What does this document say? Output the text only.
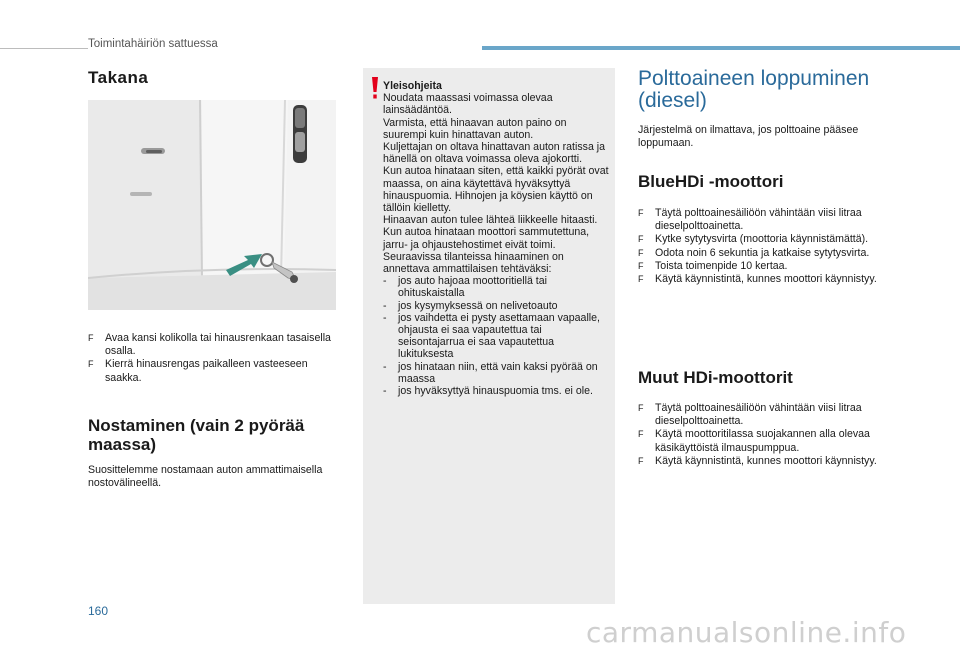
Toimintahäiriön sattuessa
Takana
F Avaa kansi kolikolla tai hinausrenkaan tasaisella osalla.
F Kierrä hinausrengas paikalleen vasteeseen saakka.
Nostaminen (vain 2 pyörää maassa)

Suosittelemme nostamaan auton ammattimaisella nostovälineellä.

Yleisohjeita

Noudata maassasi voimassa olevaa lainsäädäntöä.

Varmista, että hinaavan auton paino on suurempi kuin hinattavan auton.

Kuljettajan on oltava hinattavan auton ratissa ja hänellä on oltava voimassa oleva ajokortti.

Kun autoa hinataan siten, että kaikki pyörät ovat maassa, on aina käytettävä hyväksyttyä hinauspuomia. Hihnojen ja köysien käyttö on tällöin kielletty.

Hinaavan auton tulee lähteä liikkeelle hitaasti.

Kun autoa hinataan moottori sammutettuna, jarru- ja ohjaustehostimet eivät toimi.

Seuraavissa tilanteissa hinaaminen on annettava ammattilaisen tehtäväksi:

- jos auto hajoaa moottoritiellä tai ohituskaistalla
- jos kysymyksessä on nelivetoauto
- jos vaihdetta ei pysty asettamaan vapaalle, ohjausta ei saa vapautettua tai seisontajarrua ei saa vapautettua lukituksesta
- jos hinataan niin, että vain kaksi pyörää on maassa
- jos hyväksyttyä hinauspuomia tms. ei ole.
Polttoaineen loppuminen (diesel)

Järjestelmä on ilmattava, jos polttoaine pääsee loppumaan.

BlueHDi -moottori
F Täytä polttoainesäiliöön vähintään viisi litraa dieselpolttoainetta.
F Kytke sytytysvirta (moottoria käynnistämättä).
F Odota noin 6 sekuntia ja katkaise sytytysvirta.
F Toista toimenpide 10 kertaa.
F Käytä käynnistintä, kunnes moottori käynnistyy.
Muut HDi-moottorit
F Täytä polttoainesäiliöön vähintään viisi litraa dieselpolttoainetta.
F Käytä moottoritilassa suojakannen alla olevaa käsikäyttöistä ilmauspumppua.
F Käytä käynnistintä, kunnes moottori käynnistyy.
160
carmanualsonline.info
